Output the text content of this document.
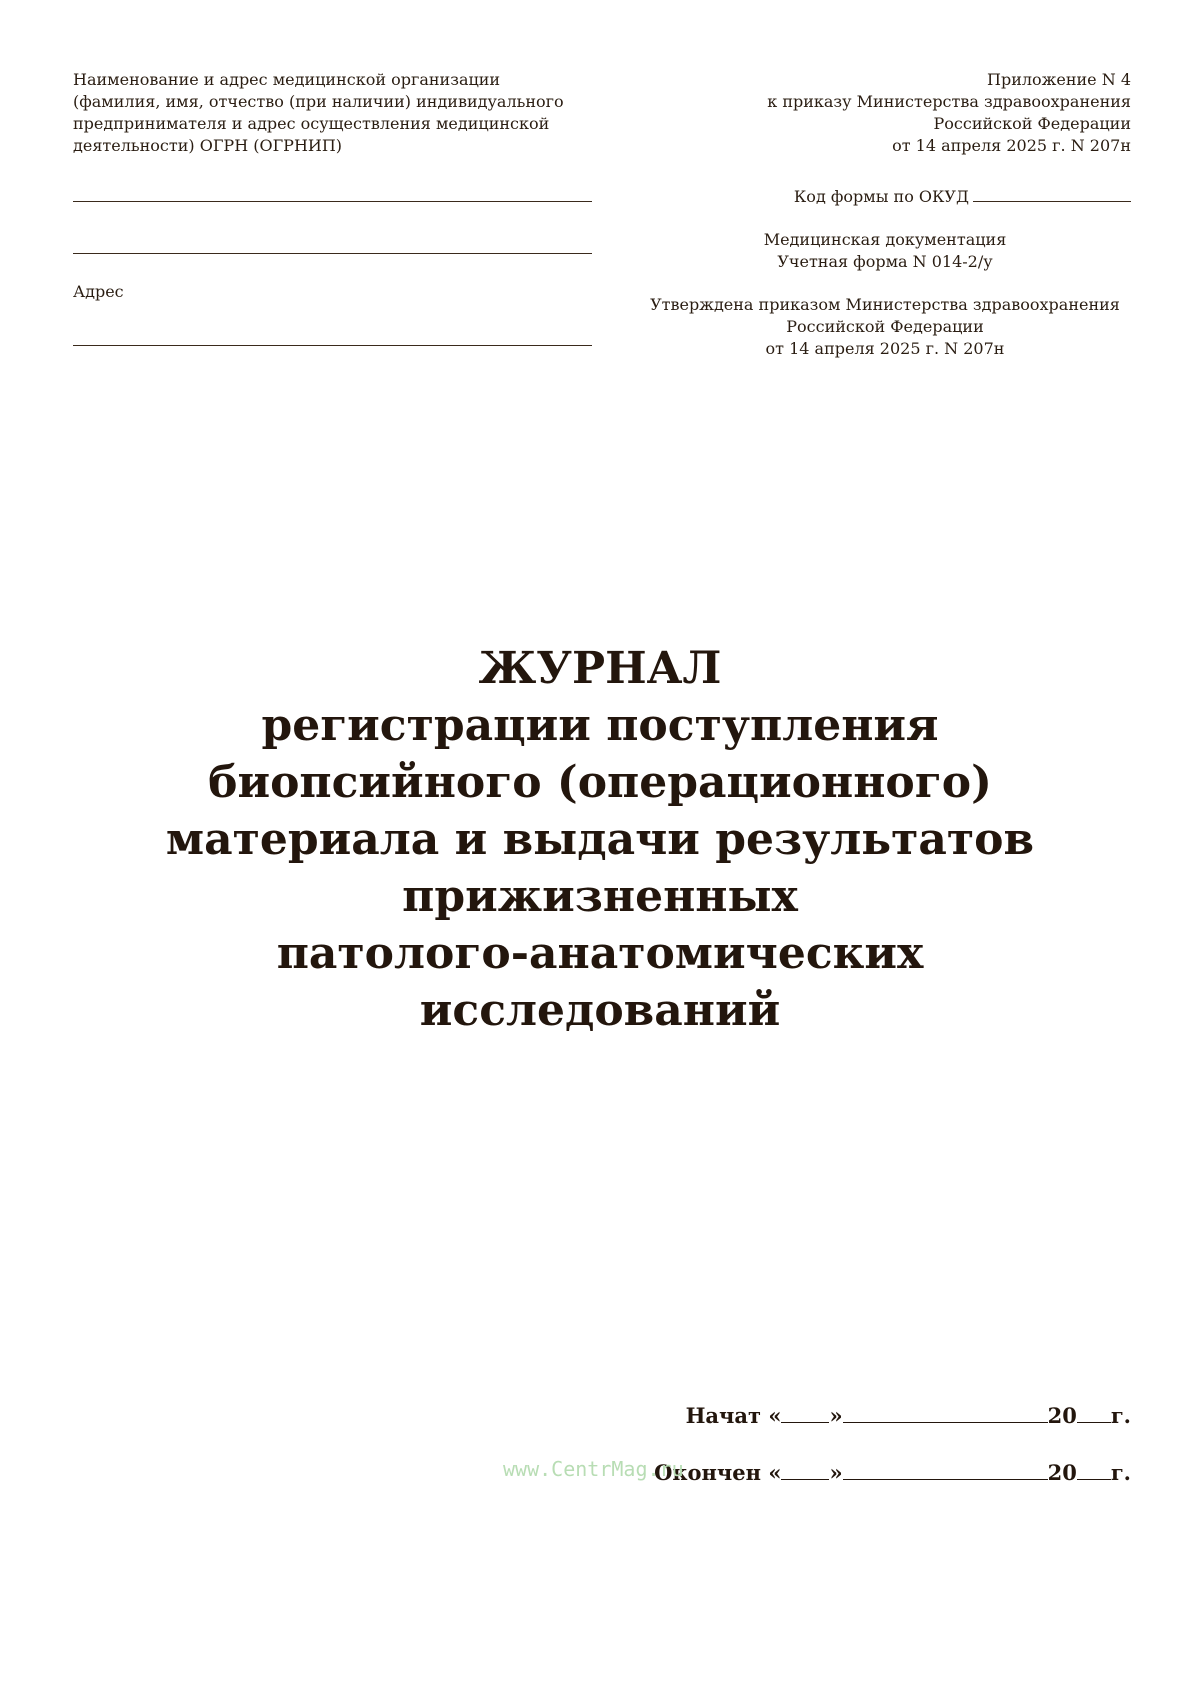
Наименование и адрес медицинской организации
(фамилия, имя, отчество (при наличии) индивидуального
предпринимателя и адрес осуществления медицинской
деятельности) ОГРН (ОГРНИП)
Адрес
Приложение N 4
к приказу Министерства здравоохранения
Российской Федерации
от 14 апреля 2025 г. N 207н
Код формы по ОКУД
Медицинская документация
Учетная форма N 014-2/у
Утверждена приказом Министерства здравоохранения
Российской Федерации
от 14 апреля 2025 г. N 207н
ЖУРНАЛ
регистрации поступления
биопсийного (операционного)
материала и выдачи результатов
прижизненных
патолого-анатомических
исследований
Начат « »	20 г.
Окончен « »	20 г.
www.CentrMag.ru
